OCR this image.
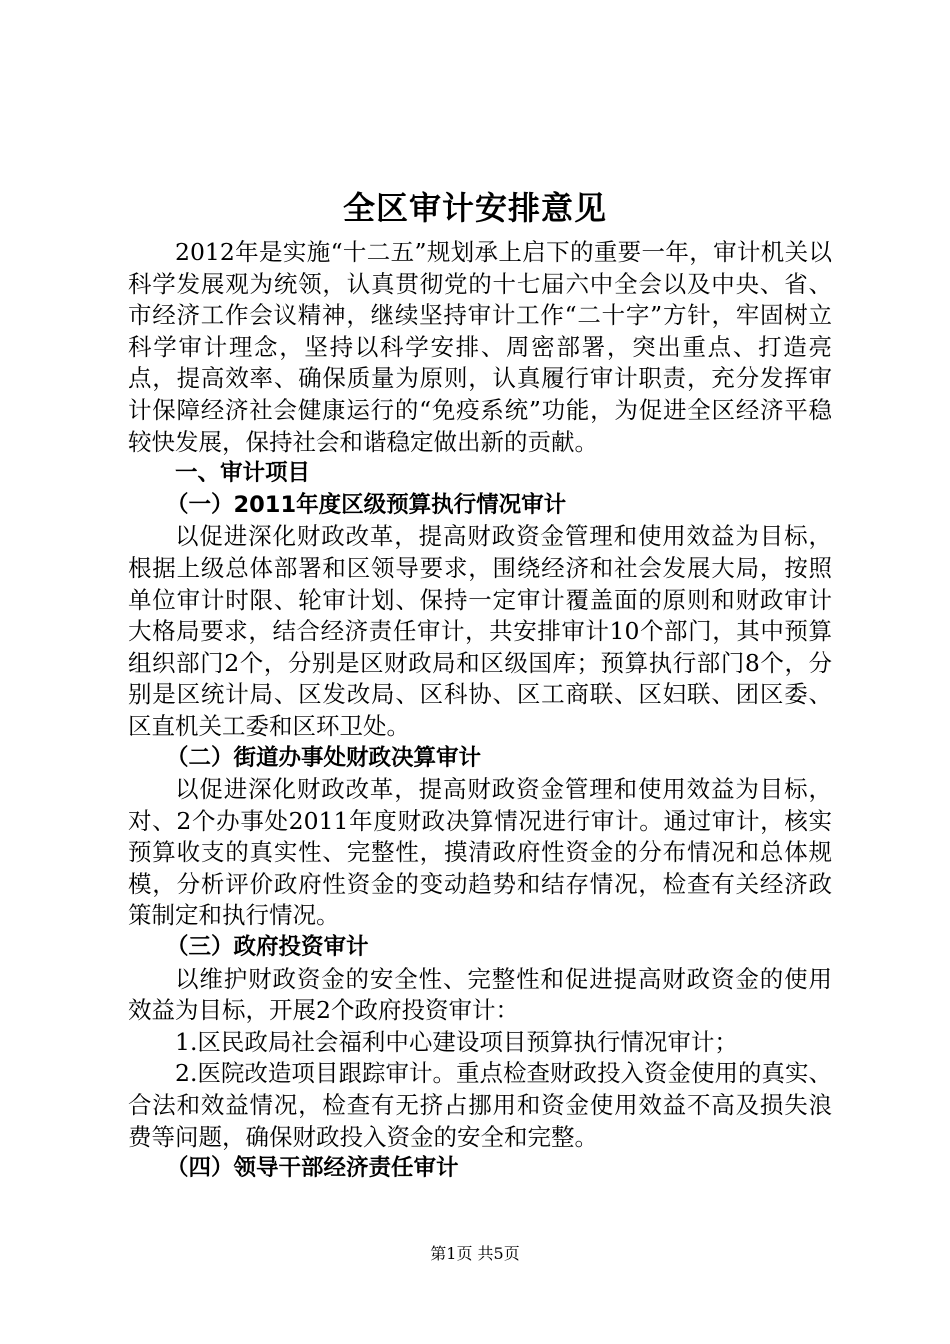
全区审计安排意见

2012年是实施“十二五”规划承上启下的重要一年，审计机关以科学发展观为统领，认真贯彻党的十七届六中全会以及中央、省、市经济工作会议精神，继续坚持审计工作“二十字”方针，牢固树立科学审计理念，坚持以科学安排、周密部署，突出重点、打造亮点，提高效率、确保质量为原则，认真履行审计职责，充分发挥审计保障经济社会健康运行的“免疫系统”功能，为促进全区经济平稳较快发展，保持社会和谐稳定做出新的贡献。

一、审计项目

（一）2011年度区级预算执行情况审计

以促进深化财政改革，提高财政资金管理和使用效益为目标，根据上级总体部署和区领导要求，围绕经济和社会发展大局，按照单位审计时限、轮审计划、保持一定审计覆盖面的原则和财政审计大格局要求，结合经济责任审计，共安排审计10个部门，其中预算组织部门2个，分别是区财政局和区级国库；预算执行部门8个，分别是区统计局、区发改局、区科协、区工商联、区妇联、团区委、区直机关工委和区环卫处。

（二）街道办事处财政决算审计

以促进深化财政改革，提高财政资金管理和使用效益为目标，对、2个办事处2011年度财政决算情况进行审计。通过审计，核实预算收支的真实性、完整性，摸清政府性资金的分布情况和总体规模，分析评价政府性资金的变动趋势和结存情况，检查有关经济政策制定和执行情况。

（三）政府投资审计

以维护财政资金的安全性、完整性和促进提高财政资金的使用效益为目标，开展2个政府投资审计：

1.区民政局社会福利中心建设项目预算执行情况审计；

2.医院改造项目跟踪审计。重点检查财政投入资金使用的真实、合法和效益情况，检查有无挤占挪用和资金使用效益不高及损失浪费等问题，确保财政投入资金的安全和完整。

（四）领导干部经济责任审计

第1页 共5页
